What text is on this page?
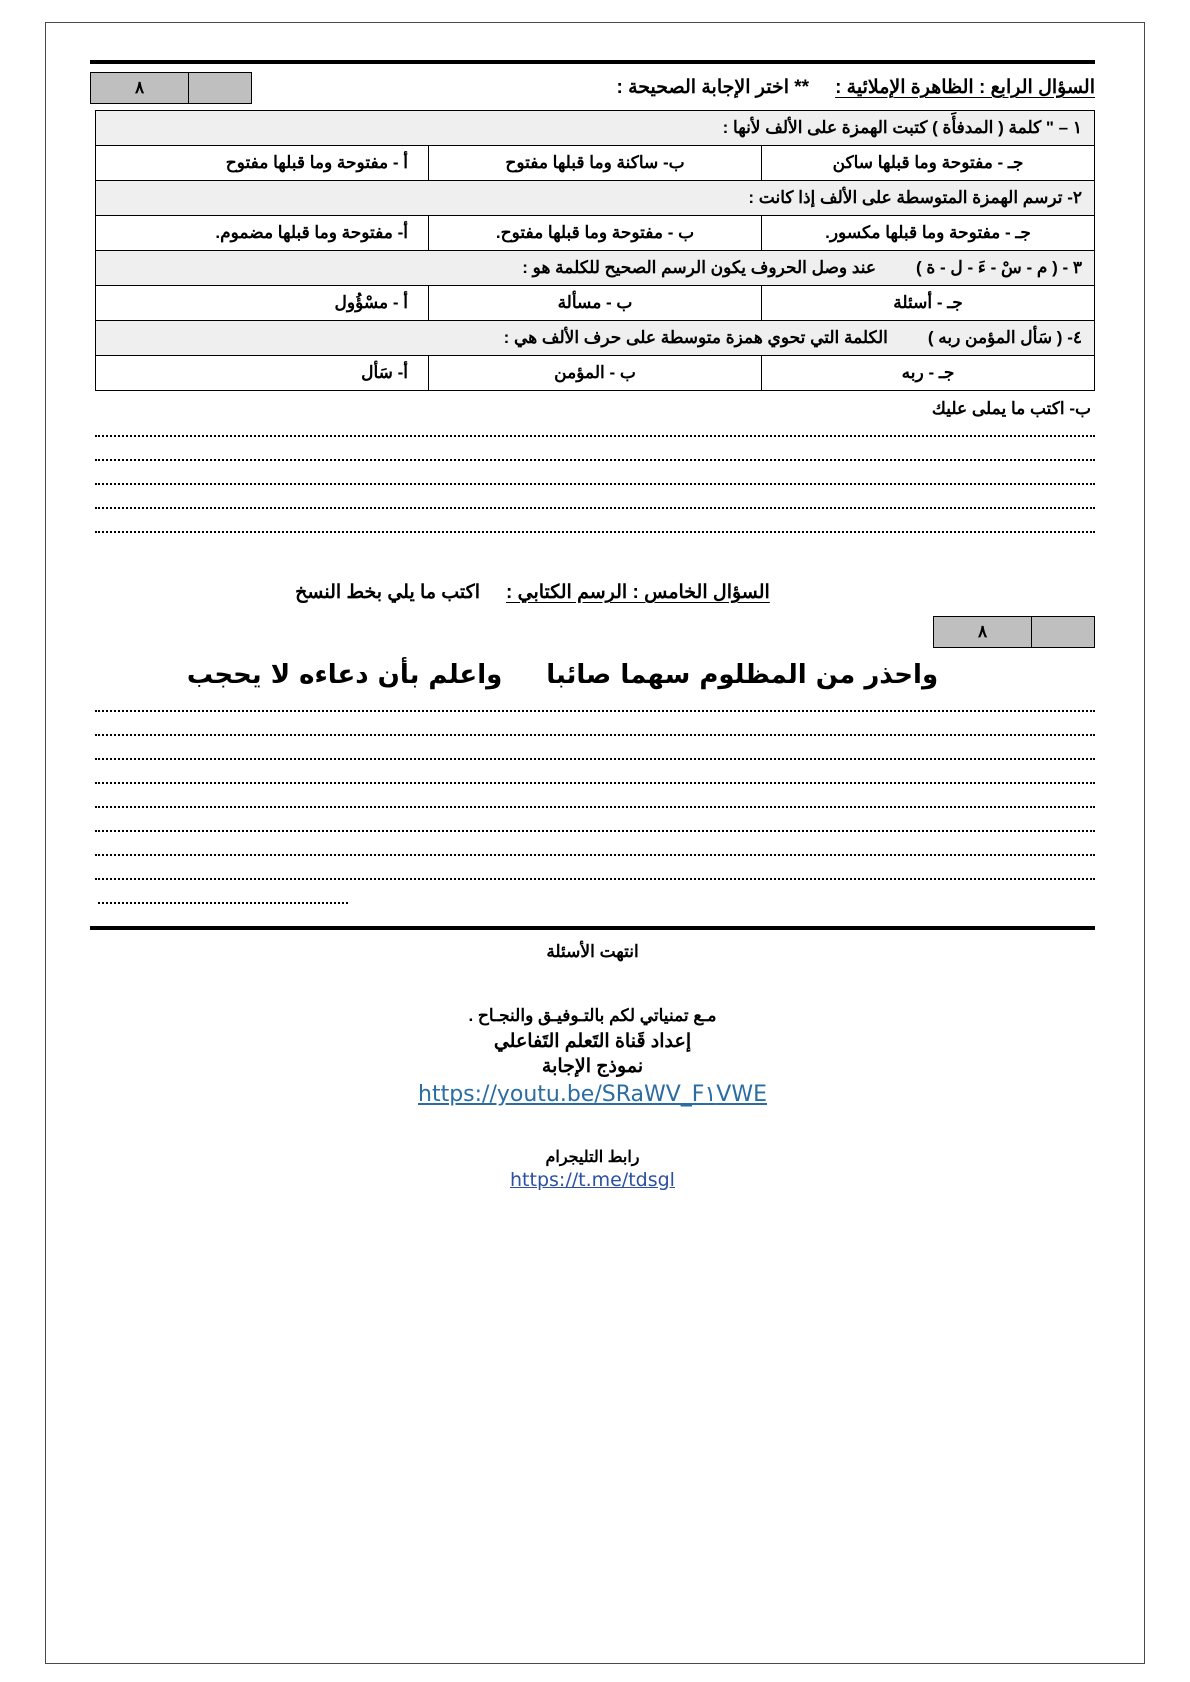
السؤال الرابع : الظاهرة الإملائية :** اختر الإجابة الصحيحة :
٨
١ – " كلمة ( المدفأَة ) كتبت الهمزة على الألف لأنها :		

جـ - مفتوحة وما قبلها ساكن	ب- ساكنة وما قبلها مفتوح	أ - مفتوحة وما قبلها مفتوح

٢- ترسم الهمزة المتوسطة على الألف إذا كانت :		

جـ - مفتوحة وما قبلها مكسور.	ب - مفتوحة وما قبلها مفتوح.	أ- مفتوحة وما قبلها مضموم.

٣ - ( م - سْ - ءَ - ل - ة )عند وصل الحروف يكون الرسم الصحيح للكلمة هو :		

جـ - أسئلة	ب - مسألة	أ - مسْؤُول

٤- ( سَأل المؤمن ربه )الكلمة التي تحوي همزة متوسطة على حرف الألف هي :		

جـ - ربه	ب - المؤمن	أ- سَأل
ب- اكتب ما يملى عليك
السؤال الخامس : الرسم الكتابي :اكتب ما يلي بخط النسخ
٨
واحذر من المظلوم سهما صائباواعلم بأن دعاءه لا يحجب
انتهت الأسئلة
مـع تمنياتي لكم بالتـوفيـق والنجـاح .
إعداد قَناة التَعلم التَفاعلي
نموذج الإجابة
https://youtu.be/SRaWV_F١VWE
رابط التليجرام
https://t.me/tdsgl
